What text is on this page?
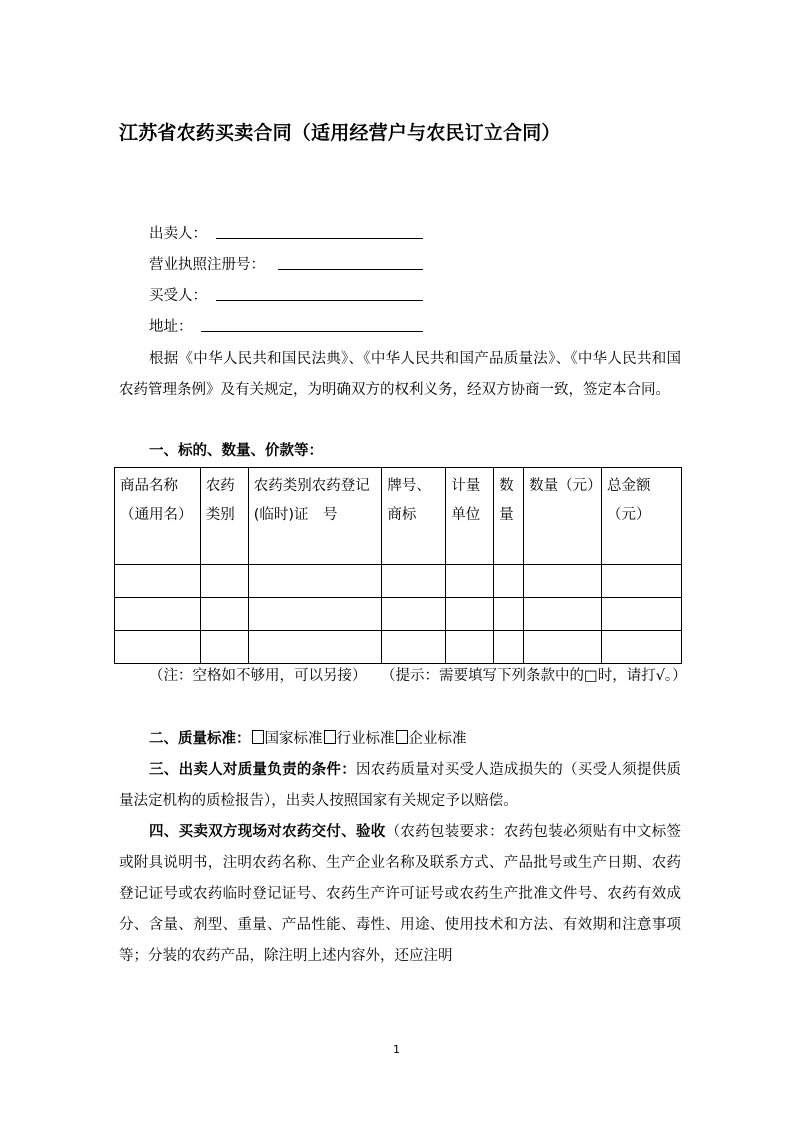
江苏省农药买卖合同（适用经营户与农民订立合同）
出卖人：
营业执照注册号：
买受人：
地址：
根据《中华人民共和国民法典》、《中华人民共和国产品质量法》、《中华人民共和国农药管理条例》及有关规定，为明确双方的权利义务，经双方协商一致，签定本合同。
一、标的、数量、价款等：
商品名称（通用名）	农药类别	农药类别农药登记(临时)证　号	牌号、商标	计量单位	数量	数量（元）	总金额（元）

（注：空格如不够用，可以另接）　　（提示：需要填写下列条款中的□时，请打√。）
二、质量标准： 国家标准 行业标准 企业标准
三、出卖人对质量负责的条件：因农药质量对买受人造成损失的（买受人须提供质量法定机构的质检报告），出卖人按照国家有关规定予以赔偿。
四、买卖双方现场对农药交付、验收（农药包装要求：农药包装必须贴有中文标签或附具说明书，注明农药名称、生产企业名称及联系方式、产品批号或生产日期、农药登记证号或农药临时登记证号、农药生产许可证号或农药生产批准文件号、农药有效成分、含量、剂型、重量、产品性能、毒性、用途、使用技术和方法、有效期和注意事项等；分装的农药产品，除注明上述内容外，还应注明
1
